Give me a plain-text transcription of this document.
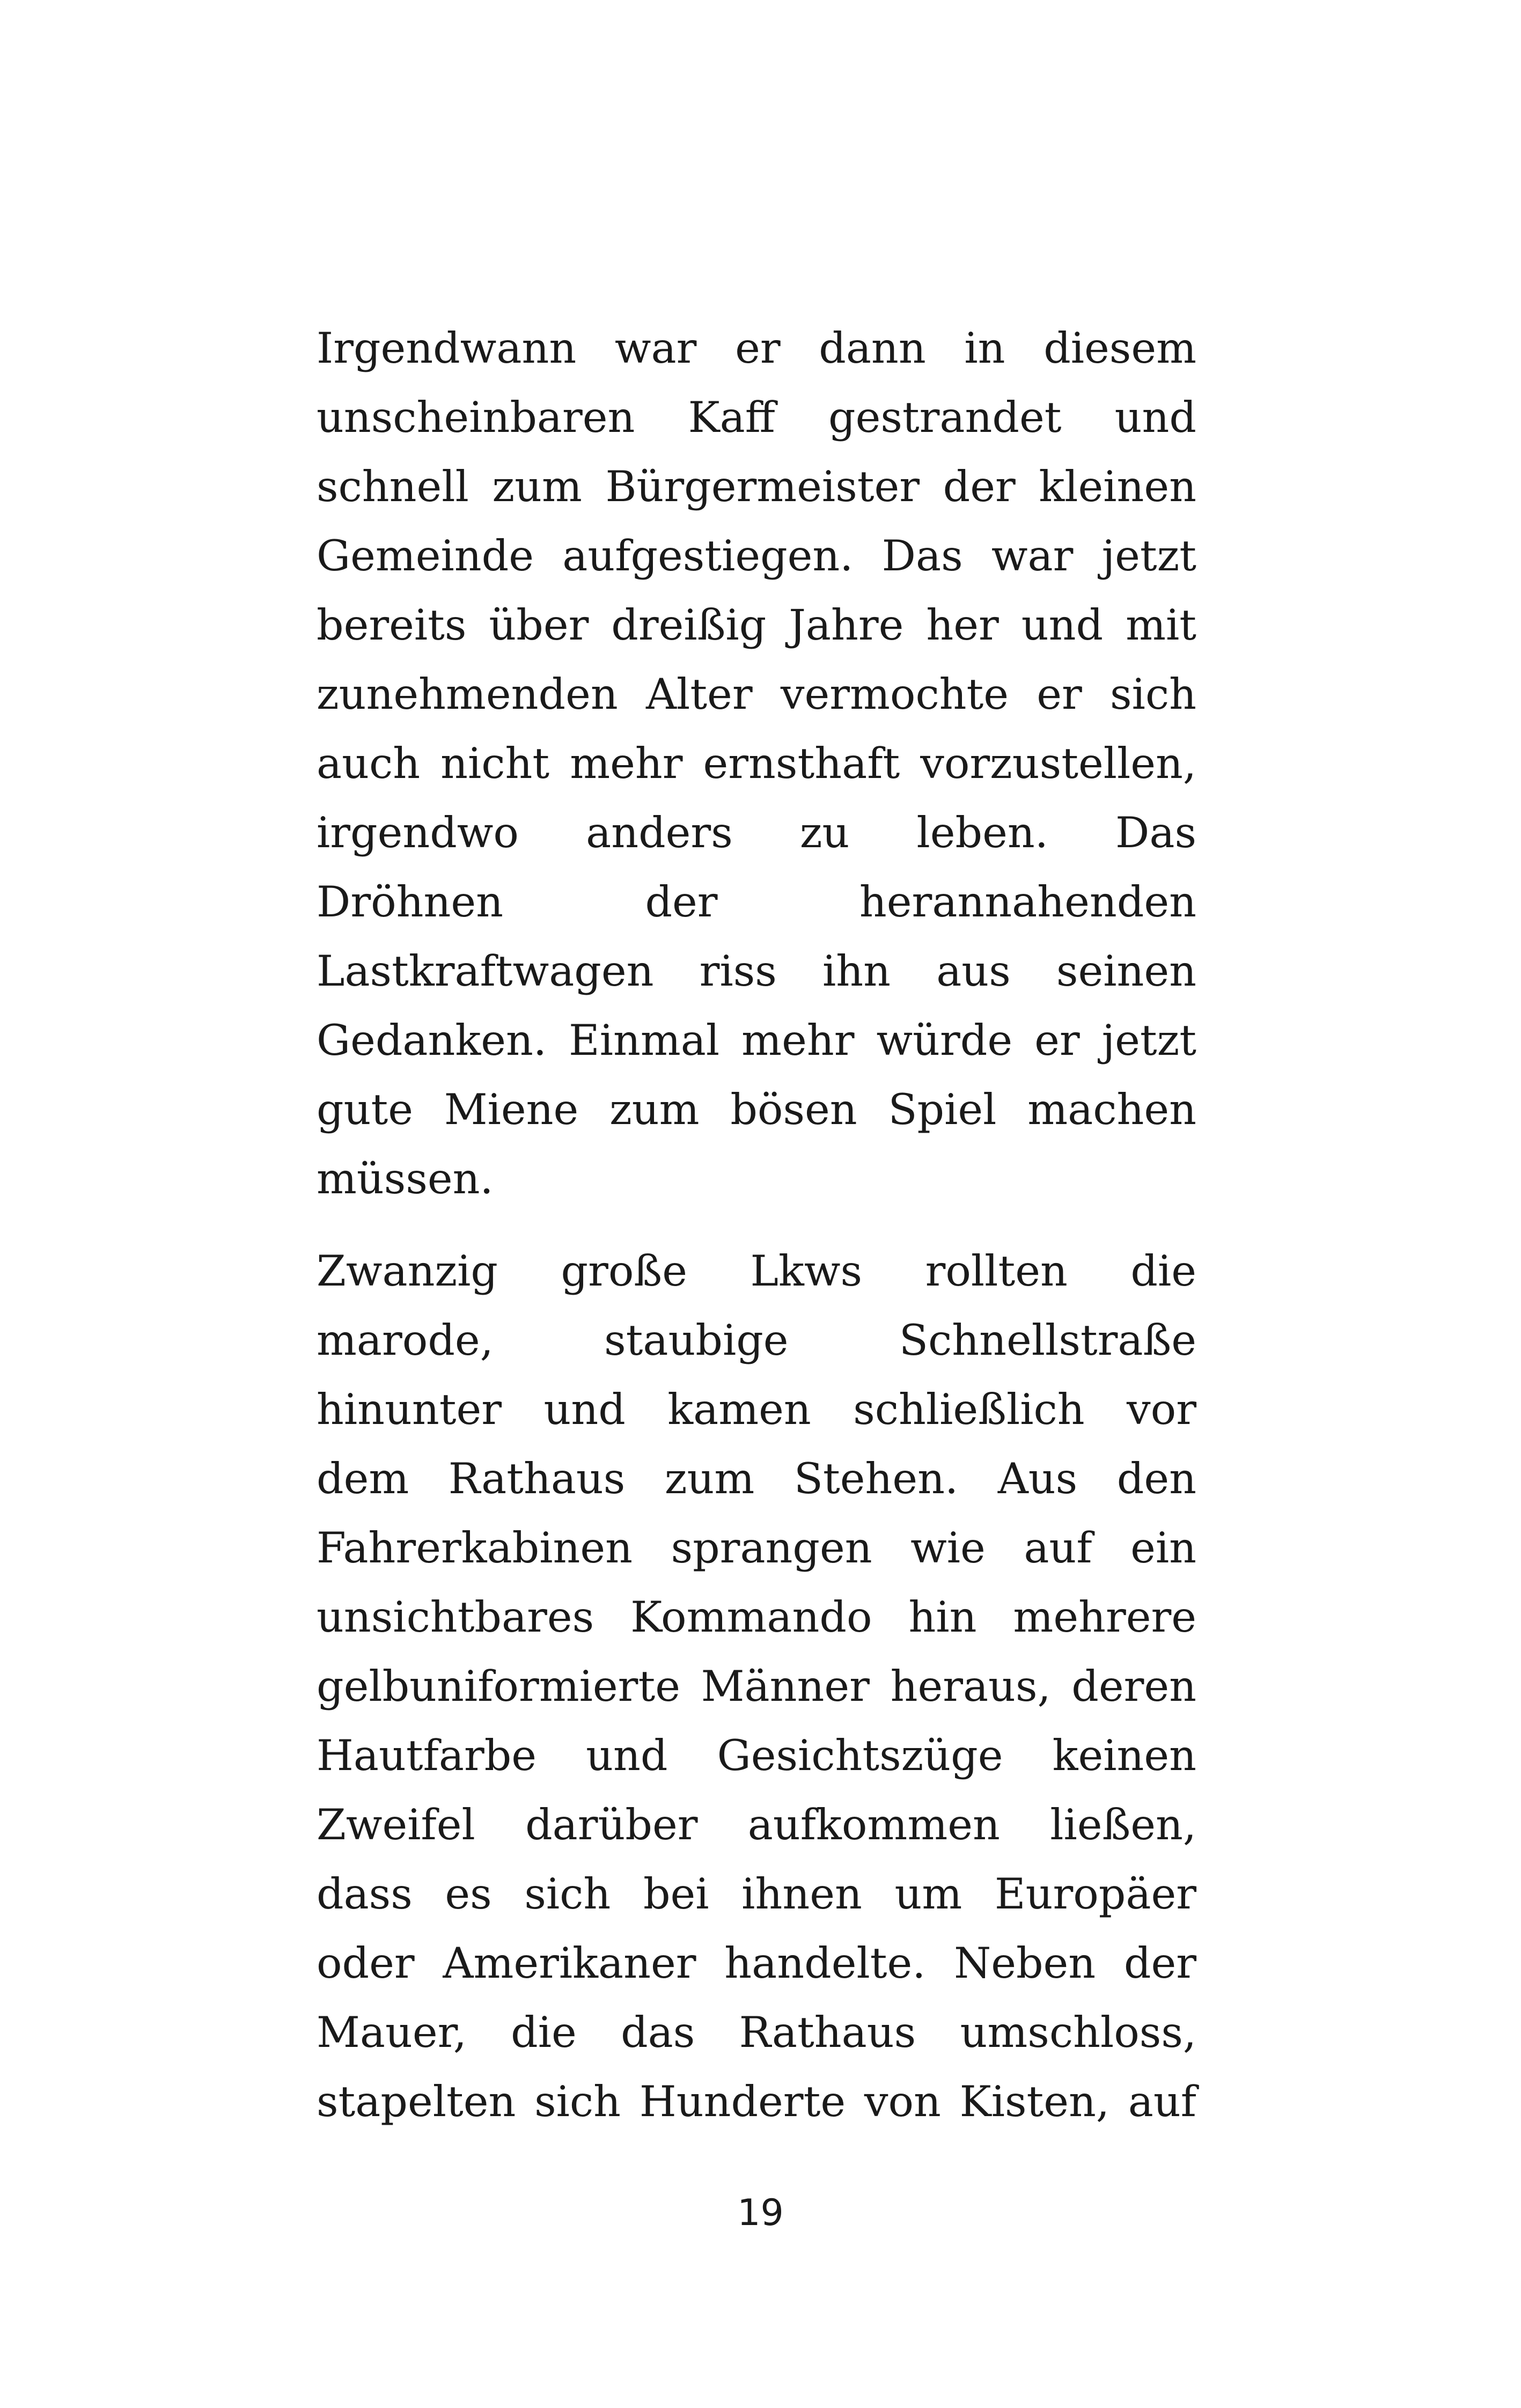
Irgendwann war er dann in diesem
unscheinbaren Kaff gestrandet und
schnell zum Bürgermeister der kleinen
Gemeinde aufgestiegen. Das war jetzt
bereits über dreißig Jahre her und mit
zunehmenden Alter vermochte er sich
auch nicht mehr ernsthaft vorzustellen,
irgendwo anders zu leben. Das
Dröhnen der herannahenden
Lastkraftwagen riss ihn aus seinen
Gedanken. Einmal mehr würde er jetzt
gute Miene zum bösen Spiel machen
müssen.
Zwanzig große Lkws rollten die
marode, staubige Schnellstraße
hinunter und kamen schließlich vor
dem Rathaus zum Stehen. Aus den
Fahrerkabinen sprangen wie auf ein
unsichtbares Kommando hin mehrere
gelbuniformierte Männer heraus, deren
Hautfarbe und Gesichtszüge keinen
Zweifel darüber aufkommen ließen,
dass es sich bei ihnen um Europäer
oder Amerikaner handelte. Neben der
Mauer, die das Rathaus umschloss,
stapelten sich Hunderte von Kisten, auf
19
